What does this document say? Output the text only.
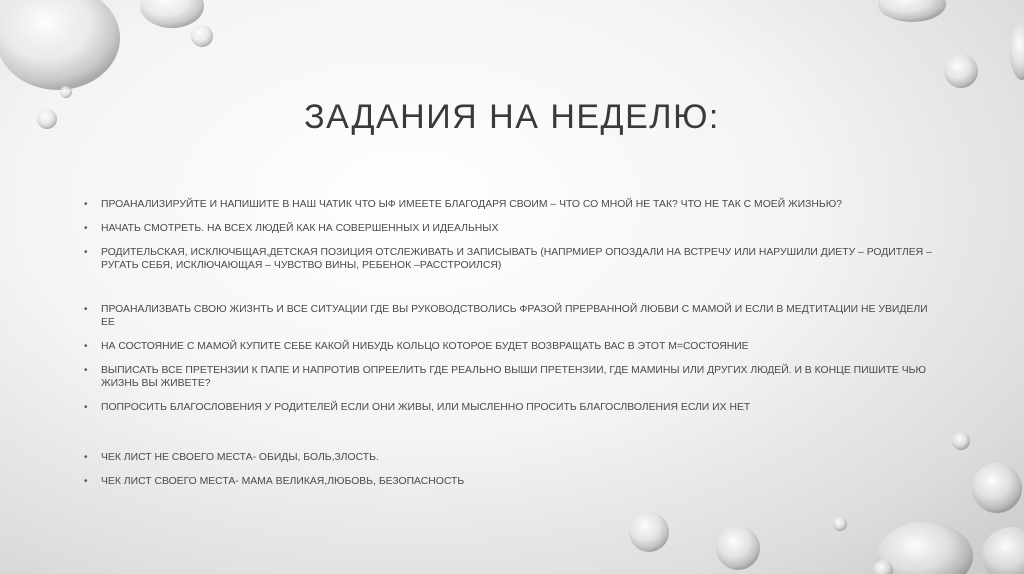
ЗАДАНИЯ НА НЕДЕЛЮ:
•	ПРОАНАЛИЗИРУЙТЕ И НАПИШИТЕ В НАШ ЧАТИК ЧТО ЫФ ИМЕЕТЕ БЛАГОДАРЯ СВОИМ – ЧТО СО МНОЙ НЕ ТАК? ЧТО НЕ ТАК С МОЕЙ ЖИЗНЬЮ?
•	НАЧАТЬ СМОТРЕТЬ. НА ВСЕХ ЛЮДЕЙ КАК НА СОВЕРШЕННЫХ И ИДЕАЛЬНЫХ
•	РОДИТЕЛЬСКАЯ, ИСКЛЮЧБЩАЯ,ДЕТСКАЯ ПОЗИЦИЯ ОТСЛЕЖИВАТЬ И ЗАПИСЫВАТЬ (НАПРМИЕР ОПОЗДАЛИ НА ВСТРЕЧУ ИЛИ НАРУШИЛИ ДИЕТУ – РОДИТЛЕЯ –РУГАТЬ СЕБЯ, ИСКЛЮЧАЮЩАЯ – ЧУВСТВО ВИНЫ, РЕБЕНОК –РАССТРОИЛСЯ)
•	ПРОАНАЛИЗВАТЬ СВОЮ ЖИЗНТЬ И ВСЕ СИТУАЦИИ ГДЕ ВЫ РУКОВОДСТВОЛИСЬ ФРАЗОЙ ПРЕРВАННОЙ ЛЮБВИ С МАМОЙ И ЕСЛИ В МЕДТИТАЦИИ НЕ УВИДЕЛИ ЕЕ
•	НА СОСТОЯНИЕ С МАМОЙ КУПИТЕ СЕБЕ КАКОЙ НИБУДЬ КОЛЬЦО КОТОРОЕ БУДЕТ ВОЗВРАЩАТЬ ВАС В ЭТОТ М=СОСТОЯНИЕ
•	ВЫПИСАТЬ ВСЕ ПРЕТЕНЗИИ К ПАПЕ И НАПРОТИВ ОПРЕЕЛИТЬ ГДЕ РЕАЛЬНО ВЫШИ ПРЕТЕНЗИИ, ГДЕ МАМИНЫ ИЛИ ДРУГИХ ЛЮДЕЙ. И В КОНЦЕ ПИШИТЕ ЧЬЮ ЖИЗНЬ ВЫ ЖИВЕТЕ?
•	ПОПРОСИТЬ БЛАГОСЛОВЕНИЯ У РОДИТЕЛЕЙ ЕСЛИ ОНИ ЖИВЫ, ИЛИ МЫСЛЕННО ПРОСИТЬ БЛАГОСЛВОЛЕНИЯ ЕСЛИ ИХ НЕТ
•	ЧЕК ЛИСТ НЕ СВОЕГО МЕСТА- ОБИДЫ, БОЛЬ,ЗЛОСТЬ.
•	ЧЕК ЛИСТ СВОЕГО МЕСТА- МАМА ВЕЛИКАЯ,ЛЮБОВЬ, БЕЗОПАСНОСТЬ
